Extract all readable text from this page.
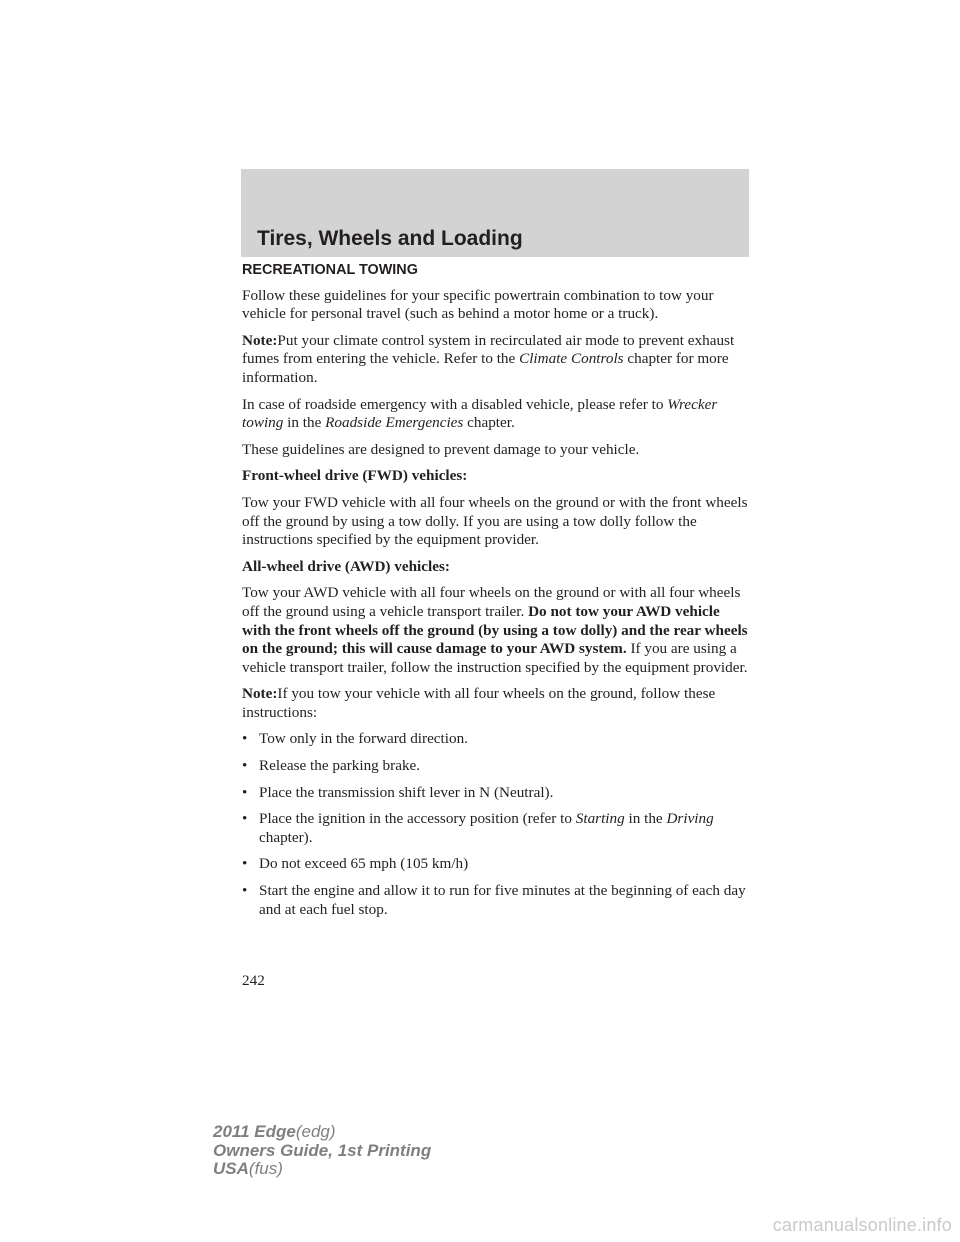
Tires, Wheels and Loading
RECREATIONAL TOWING
Follow these guidelines for your specific powertrain combination to tow your vehicle for personal travel (such as behind a motor home or a truck).
Note:Put your climate control system in recirculated air mode to prevent exhaust fumes from entering the vehicle. Refer to the Climate Controls chapter for more information.
In case of roadside emergency with a disabled vehicle, please refer to Wrecker towing in the Roadside Emergencies chapter.
These guidelines are designed to prevent damage to your vehicle.
Front-wheel drive (FWD) vehicles:
Tow your FWD vehicle with all four wheels on the ground or with the front wheels off the ground by using a tow dolly. If you are using a tow dolly follow the instructions specified by the equipment provider.
All-wheel drive (AWD) vehicles:
Tow your AWD vehicle with all four wheels on the ground or with all four wheels off the ground using a vehicle transport trailer. Do not tow your AWD vehicle with the front wheels off the ground (by using a tow dolly) and the rear wheels on the ground; this will cause damage to your AWD system. If you are using a vehicle transport trailer, follow the instruction specified by the equipment provider.
Note:If you tow your vehicle with all four wheels on the ground, follow these instructions:
• Tow only in the forward direction.
• Release the parking brake.
• Place the transmission shift lever in N (Neutral).
• Place the ignition in the accessory position (refer to Starting in the Driving chapter).
• Do not exceed 65 mph (105 km/h)
• Start the engine and allow it to run for five minutes at the beginning of each day and at each fuel stop.
242
2011 Edge(edg)
Owners Guide, 1st Printing
USA(fus)
carmanualsonline.info
